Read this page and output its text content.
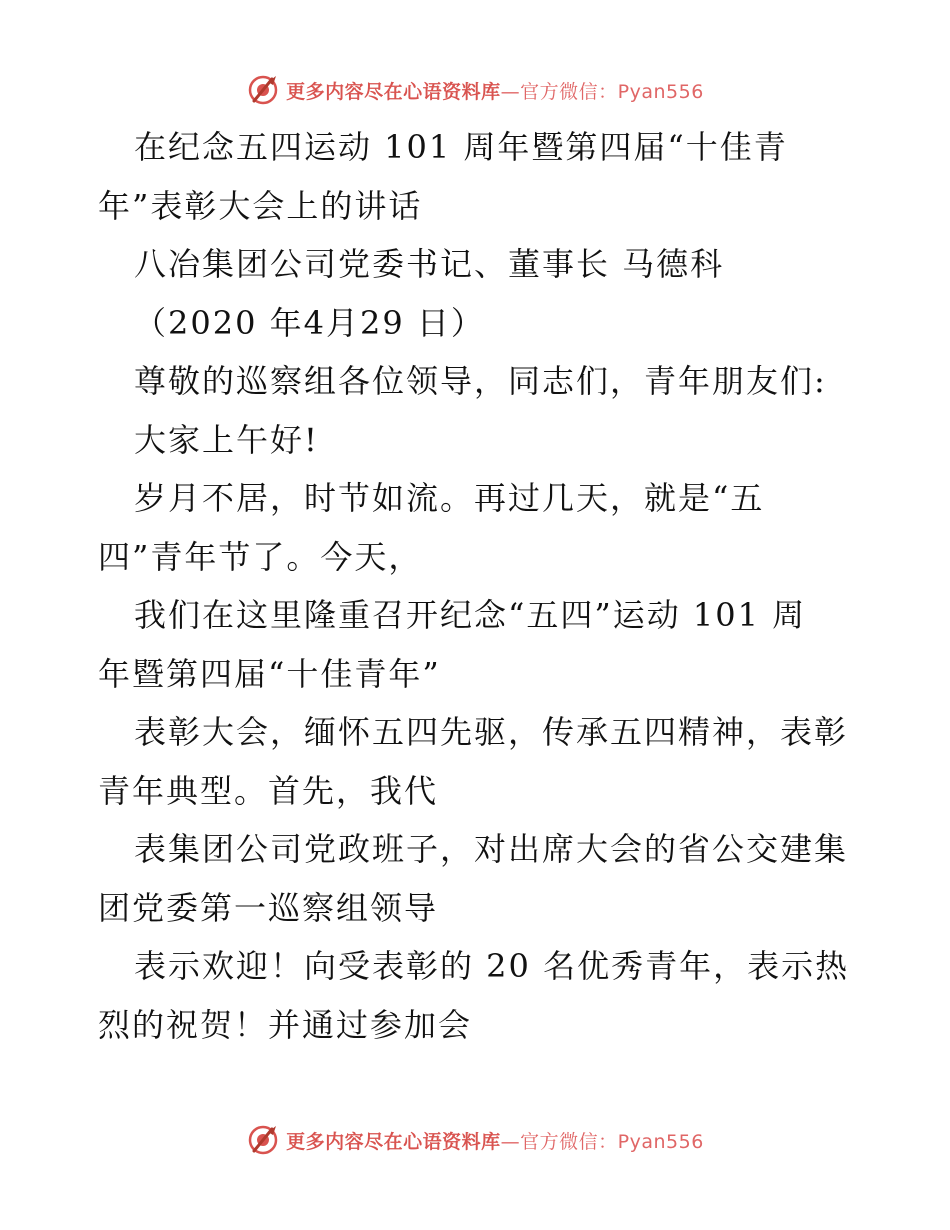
更多内容尽在心语资料库—官方微信：Pyan556
在纪念五四运动 101 周年暨第四届“十佳青
年”表彰大会上的讲话
八冶集团公司党委书记、董事长 马德科
（2020 年4月29 日）
尊敬的巡察组各位领导，同志们，青年朋友们:
大家上午好!
岁月不居，时节如流。再过几天，就是“五
四”青年节了。今天，
我们在这里隆重召开纪念“五四”运动 101 周
年暨第四届“十佳青年”
表彰大会，缅怀五四先驱，传承五四精神，表彰
青年典型。首先，我代
表集团公司党政班子，对出席大会的省公交建集
团党委第一巡察组领导
表示欢迎！向受表彰的 20 名优秀青年，表示热
烈的祝贺！并通过参加会
更多内容尽在心语资料库—官方微信：Pyan556
